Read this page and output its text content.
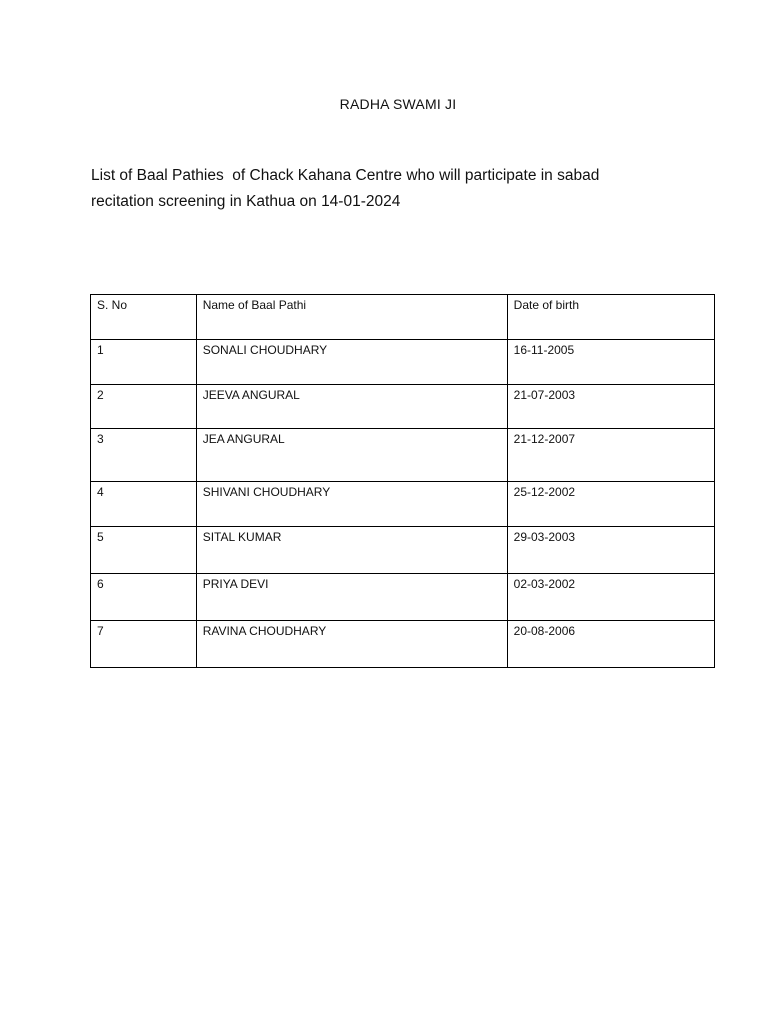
RADHA SWAMI JI
List of Baal Pathies  of Chack Kahana Centre who will participate in sabad
recitation screening in Kathua on 14-01-2024
S. No	Name of Baal Pathi	Date of birth
1	SONALI CHOUDHARY	16-11-2005
2	JEEVA ANGURAL	21-07-2003
3	JEA ANGURAL	21-12-2007
4	SHIVANI CHOUDHARY	25-12-2002
5	SITAL KUMAR	29-03-2003
6	PRIYA DEVI	02-03-2002
7	RAVINA CHOUDHARY	20-08-2006
